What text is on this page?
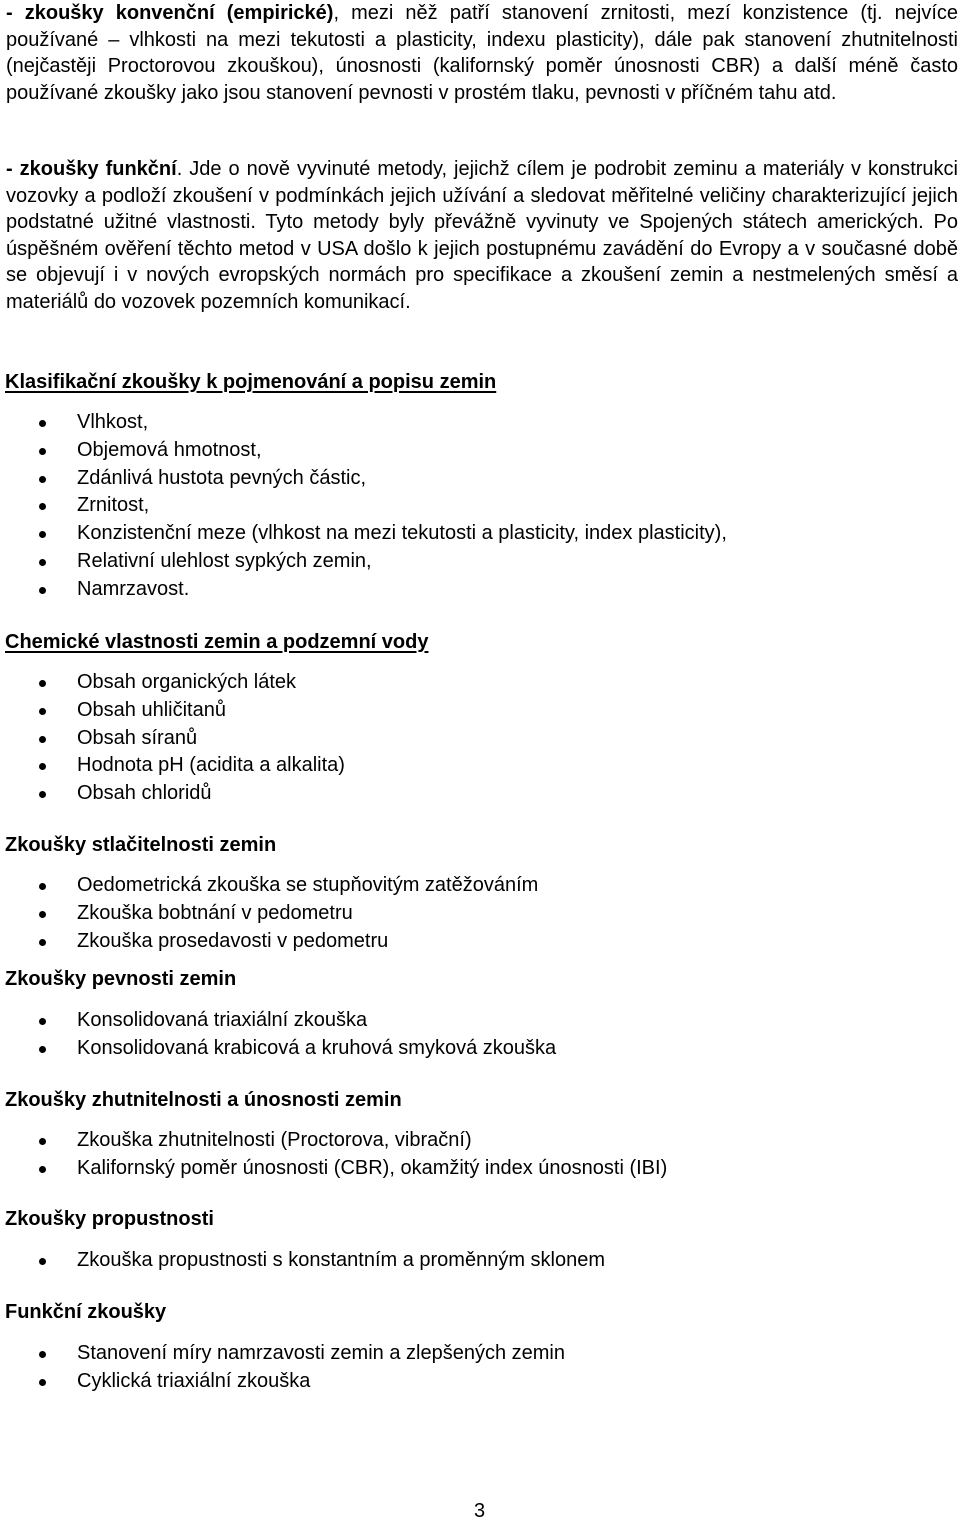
- zkoušky konvenční (empirické), mezi něž patří stanovení zrnitosti, mezí konzistence (tj. nejvíce používané – vlhkosti na mezi tekutosti a plasticity, indexu plasticity), dále pak stanovení zhutnitelnosti (nejčastěji Proctorovou zkouškou), únosnosti (kalifornský poměr únosnosti CBR) a další méně často používané zkoušky jako jsou stanovení pevnosti v prostém tlaku, pevnosti v příčném tahu atd.

- zkoušky funkční. Jde o nově vyvinuté metody, jejichž cílem je podrobit zeminu a materiály v konstrukci vozovky a podloží zkoušení v podmínkách jejich užívání a sledovat měřitelné veličiny charakterizující jejich podstatné užitné vlastnosti. Tyto metody byly převážně vyvinuty ve Spojených státech amerických. Po úspěšném ověření těchto metod v USA došlo k jejich postupnému zavádění do Evropy a v současné době se objevují i v nových evropských normách pro specifikace a zkoušení zemin a nestmelených směsí a materiálů do vozovek pozemních komunikací.

Klasifikační zkoušky k pojmenování a popisu zemin
Vlhkost,
Objemová hmotnost,
Zdánlivá hustota pevných částic,
Zrnitost,
Konzistenční meze (vlhkost na mezi tekutosti a plasticity, index plasticity),
Relativní ulehlost sypkých zemin,
Namrzavost.
Chemické vlastnosti zemin a podzemní vody
Obsah organických látek
Obsah uhličitanů
Obsah síranů
Hodnota pH (acidita a alkalita)
Obsah chloridů
Zkoušky stlačitelnosti zemin
Oedometrická zkouška se stupňovitým zatěžováním
Zkouška bobtnání v pedometru
Zkouška prosedavosti v pedometru
Zkoušky pevnosti zemin
Konsolidovaná triaxiální zkouška
Konsolidovaná krabicová a kruhová smyková zkouška
Zkoušky zhutnitelnosti a únosnosti zemin
Zkouška zhutnitelnosti (Proctorova, vibrační)
Kalifornský poměr únosnosti (CBR), okamžitý index únosnosti (IBI)
Zkoušky propustnosti
Zkouška propustnosti s konstantním a proměnným sklonem
Funkční zkoušky
Stanovení míry namrzavosti zemin a zlepšených zemin
Cyklická triaxiální zkouška
3
